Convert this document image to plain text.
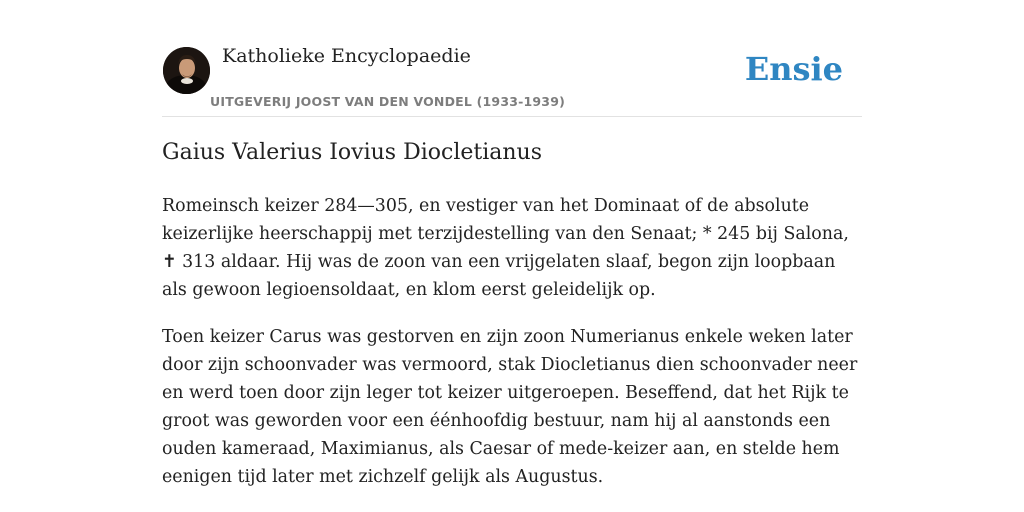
Katholieke Encyclopaedie
UITGEVERIJ JOOST VAN DEN VONDEL (1933-1939)
Ensie
Gaius Valerius Iovius Diocletianus

Romeinsch keizer 284—305, en vestiger van het Dominaat of de absolute keizerlijke heerschappij met terzijdestelling van den Senaat; * 245 bij Salona, ✝ 313 aldaar. Hij was de zoon van een vrijgelaten slaaf, begon zijn loopbaan als gewoon legioensoldaat, en klom eerst geleidelijk op.

Toen keizer Carus was gestorven en zijn zoon Numerianus enkele weken later door zijn schoonvader was vermoord, stak Diocletianus dien schoonvader neer en werd toen door zijn leger tot keizer uitgeroepen. Beseffend, dat het Rijk te groot was geworden voor een éénhoofdig bestuur, nam hij al aanstonds een ouden kameraad, Maximianus, als Caesar of mede-keizer aan, en stelde hem eenigen tijd later met zichzelf gelijk als Augustus.
